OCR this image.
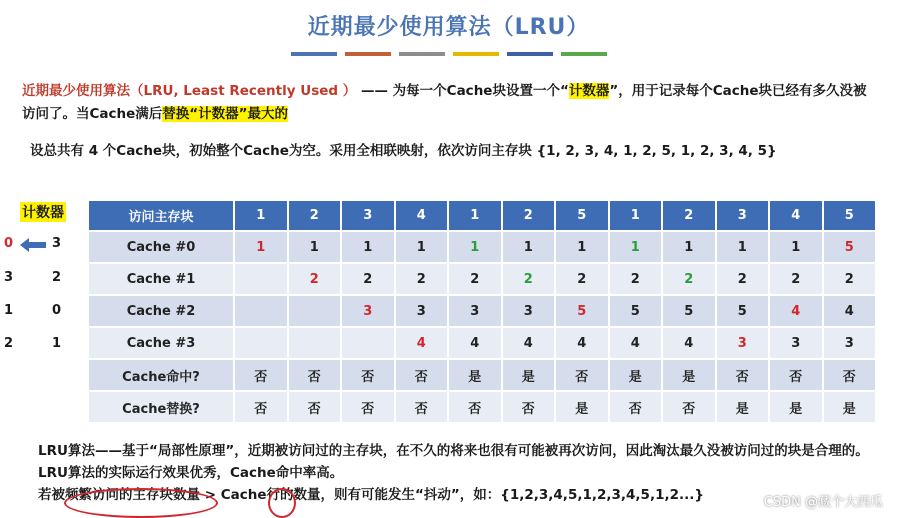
近期最少使用算法（LRU）
近期最少使用算法（LRU, Least Recently Used ） —— 为每一个Cache块设置一个“计数器”，用于记录每个Cache块已经有多久没被访问了。当Cache满后替换“计数器”最大的
设总共有 4 个Cache块，初始整个Cache为空。采用全相联映射，依次访问主存块 {1, 2, 3, 4, 1, 2, 5, 1, 2, 3, 4, 5}
计数器
0	3
3	2
1	0
2	1
访问主存块	1	2	3	4	1	2	5	1	2	3	4	5
Cache #0	1	1	1	1	1	1	1	1	1	1	1	5
Cache #1		2	2	2	2	2	2	2	2	2	2	2
Cache #2			3	3	3	3	5	5	5	5	4	4
Cache #3				4	4	4	4	4	4	3	3	3
Cache命中?	否	否	否	否	是	是	否	是	是	否	否	否
Cache替换?	否	否	否	否	否	否	是	否	否	是	是	是
LRU算法——基于“局部性原理”，近期被访问过的主存块，在不久的将来也很有可能被再次访问，因此淘汰最久没被访问过的块是合理的。LRU算法的实际运行效果优秀，Cache命中率高。
若被频繁访问的主存块数量 > Cache行的数量，则有可能发生“抖动”，如：{1,2,3,4,5,1,2,3,4,5,1,2...}	CSDN @藏个大西瓜
